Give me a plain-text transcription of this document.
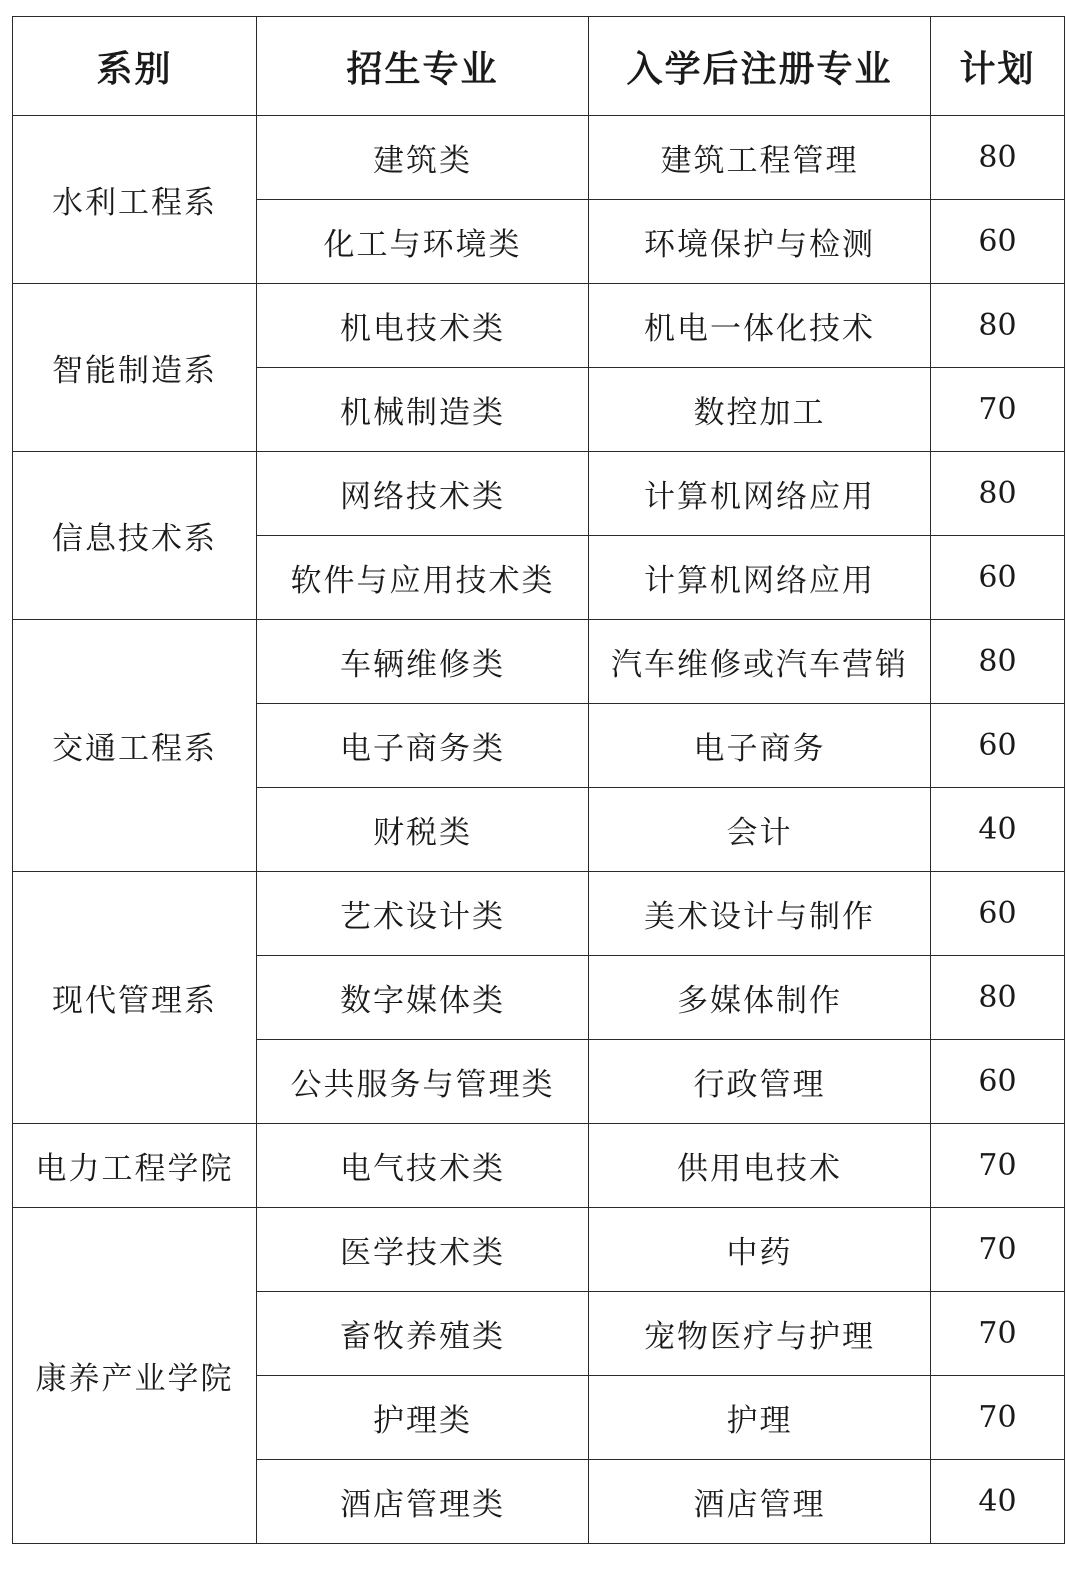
系别	招生专业	入学后注册专业	计划
水利工程系	建筑类	建筑工程管理	80
	化工与环境类	环境保护与检测	60
智能制造系	机电技术类	机电一体化技术	80
	机械制造类	数控加工	70
信息技术系	网络技术类	计算机网络应用	80
	软件与应用技术类	计算机网络应用	60
交通工程系	车辆维修类	汽车维修或汽车营销	80
	电子商务类	电子商务	60
	财税类	会计	40
现代管理系	艺术设计类	美术设计与制作	60
	数字媒体类	多媒体制作	80
	公共服务与管理类	行政管理	60
电力工程学院	电气技术类	供用电技术	70
康养产业学院	医学技术类	中药	70
	畜牧养殖类	宠物医疗与护理	70
	护理类	护理	70
	酒店管理类	酒店管理	40
